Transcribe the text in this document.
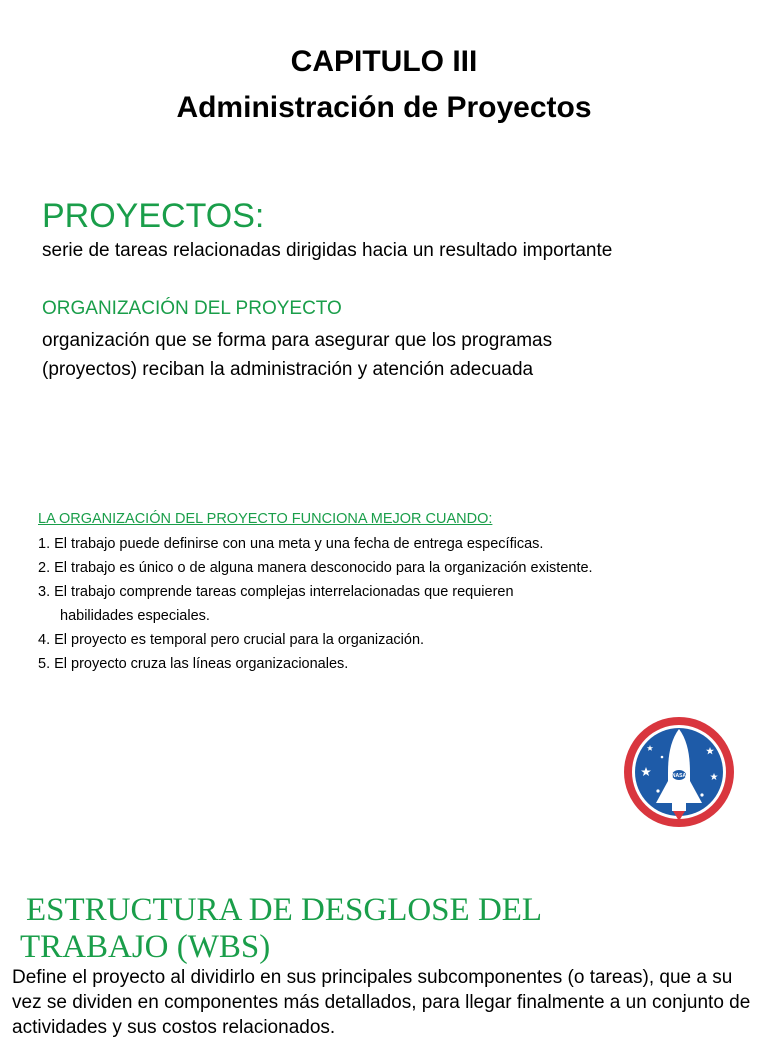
CAPITULO III
Administración de Proyectos
PROYECTOS:
serie de tareas relacionadas dirigidas hacia un resultado importante
ORGANIZACIÓN DEL PROYECTO
organización que se forma para asegurar que los programas
(proyectos) reciban la administración y atención adecuada
LA ORGANIZACIÓN DEL PROYECTO FUNCIONA MEJOR CUANDO:
1. El trabajo puede definirse con una meta y una fecha de entrega específicas.
2. El trabajo es único o de alguna manera desconocido para la organización existente.
3. El trabajo comprende tareas complejas interrelacionadas que requieren
habilidades especiales.
4. El proyecto es temporal pero crucial para la organización.
5. El proyecto cruza las líneas organizacionales.
NASA
ESTRUCTURA DE DESGLOSE DEL
TRABAJO (WBS)
Define el proyecto al dividirlo en sus principales subcomponentes (o tareas), que a su vez se dividen en componentes más detallados, para llegar finalmente a un conjunto de actividades y sus costos relacionados.
